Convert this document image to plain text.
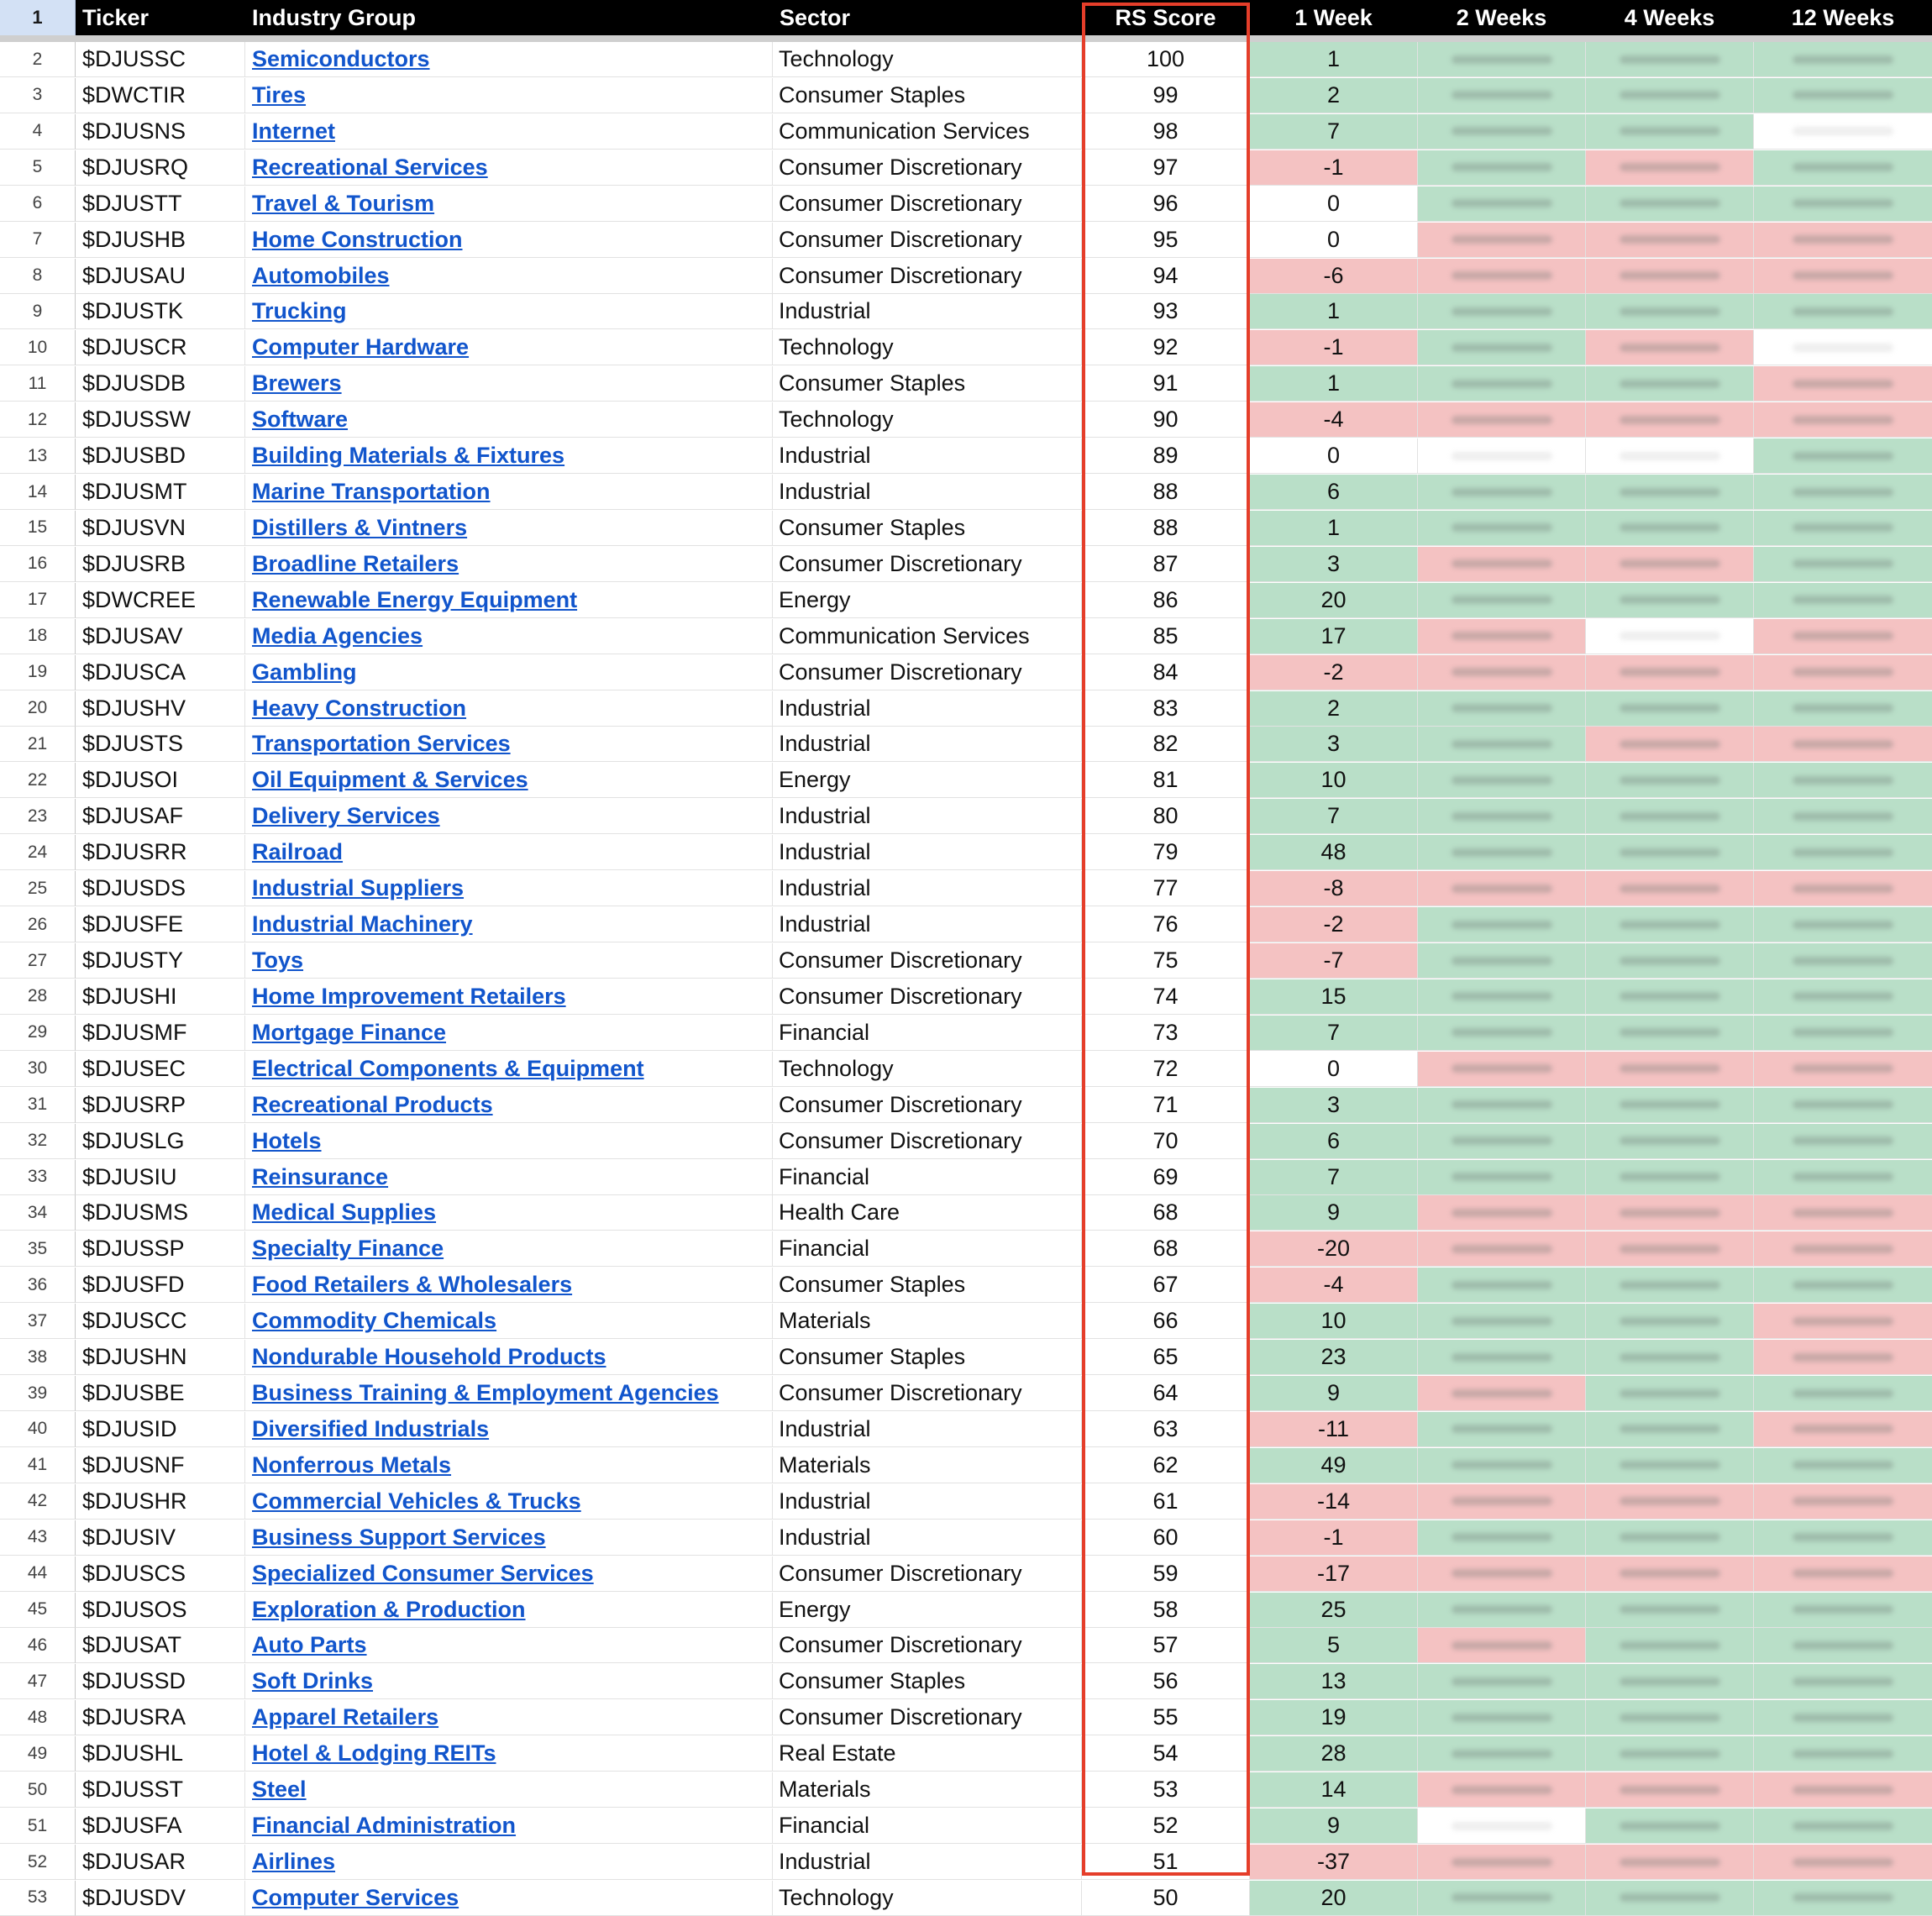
1	Ticker	Industry Group	Sector	RS Score	1 Week	2 Weeks	4 Weeks	12 Weeks
2	$DJUSSC	Semiconductors	Technology	100	1
3	$DWCTIR	Tires	Consumer Staples	99	2
4	$DJUSNS	Internet	Communication Services	98	7
5	$DJUSRQ	Recreational Services	Consumer Discretionary	97	-1
6	$DJUSTT	Travel & Tourism	Consumer Discretionary	96	0
7	$DJUSHB	Home Construction	Consumer Discretionary	95	0
8	$DJUSAU	Automobiles	Consumer Discretionary	94	-6
9	$DJUSTK	Trucking	Industrial	93	1
10	$DJUSCR	Computer Hardware	Technology	92	-1
11	$DJUSDB	Brewers	Consumer Staples	91	1
12	$DJUSSW	Software	Technology	90	-4
13	$DJUSBD	Building Materials & Fixtures	Industrial	89	0
14	$DJUSMT	Marine Transportation	Industrial	88	6
15	$DJUSVN	Distillers & Vintners	Consumer Staples	88	1
16	$DJUSRB	Broadline Retailers	Consumer Discretionary	87	3
17	$DWCREE	Renewable Energy Equipment	Energy	86	20
18	$DJUSAV	Media Agencies	Communication Services	85	17
19	$DJUSCA	Gambling	Consumer Discretionary	84	-2
20	$DJUSHV	Heavy Construction	Industrial	83	2
21	$DJUSTS	Transportation Services	Industrial	82	3
22	$DJUSOI	Oil Equipment & Services	Energy	81	10
23	$DJUSAF	Delivery Services	Industrial	80	7
24	$DJUSRR	Railroad	Industrial	79	48
25	$DJUSDS	Industrial Suppliers	Industrial	77	-8
26	$DJUSFE	Industrial Machinery	Industrial	76	-2
27	$DJUSTY	Toys	Consumer Discretionary	75	-7
28	$DJUSHI	Home Improvement Retailers	Consumer Discretionary	74	15
29	$DJUSMF	Mortgage Finance	Financial	73	7
30	$DJUSEC	Electrical Components & Equipment	Technology	72	0
31	$DJUSRP	Recreational Products	Consumer Discretionary	71	3
32	$DJUSLG	Hotels	Consumer Discretionary	70	6
33	$DJUSIU	Reinsurance	Financial	69	7
34	$DJUSMS	Medical Supplies	Health Care	68	9
35	$DJUSSP	Specialty Finance	Financial	68	-20
36	$DJUSFD	Food Retailers & Wholesalers	Consumer Staples	67	-4
37	$DJUSCC	Commodity Chemicals	Materials	66	10
38	$DJUSHN	Nondurable Household Products	Consumer Staples	65	23
39	$DJUSBE	Business Training & Employment Agencies	Consumer Discretionary	64	9
40	$DJUSID	Diversified Industrials	Industrial	63	-11
41	$DJUSNF	Nonferrous Metals	Materials	62	49
42	$DJUSHR	Commercial Vehicles & Trucks	Industrial	61	-14
43	$DJUSIV	Business Support Services	Industrial	60	-1
44	$DJUSCS	Specialized Consumer Services	Consumer Discretionary	59	-17
45	$DJUSOS	Exploration & Production	Energy	58	25
46	$DJUSAT	Auto Parts	Consumer Discretionary	57	5
47	$DJUSSD	Soft Drinks	Consumer Staples	56	13
48	$DJUSRA	Apparel Retailers	Consumer Discretionary	55	19
49	$DJUSHL	Hotel & Lodging REITs	Real Estate	54	28
50	$DJUSST	Steel	Materials	53	14
51	$DJUSFA	Financial Administration	Financial	52	9
52	$DJUSAR	Airlines	Industrial	51	-37
53	$DJUSDV	Computer Services	Technology	50	20
